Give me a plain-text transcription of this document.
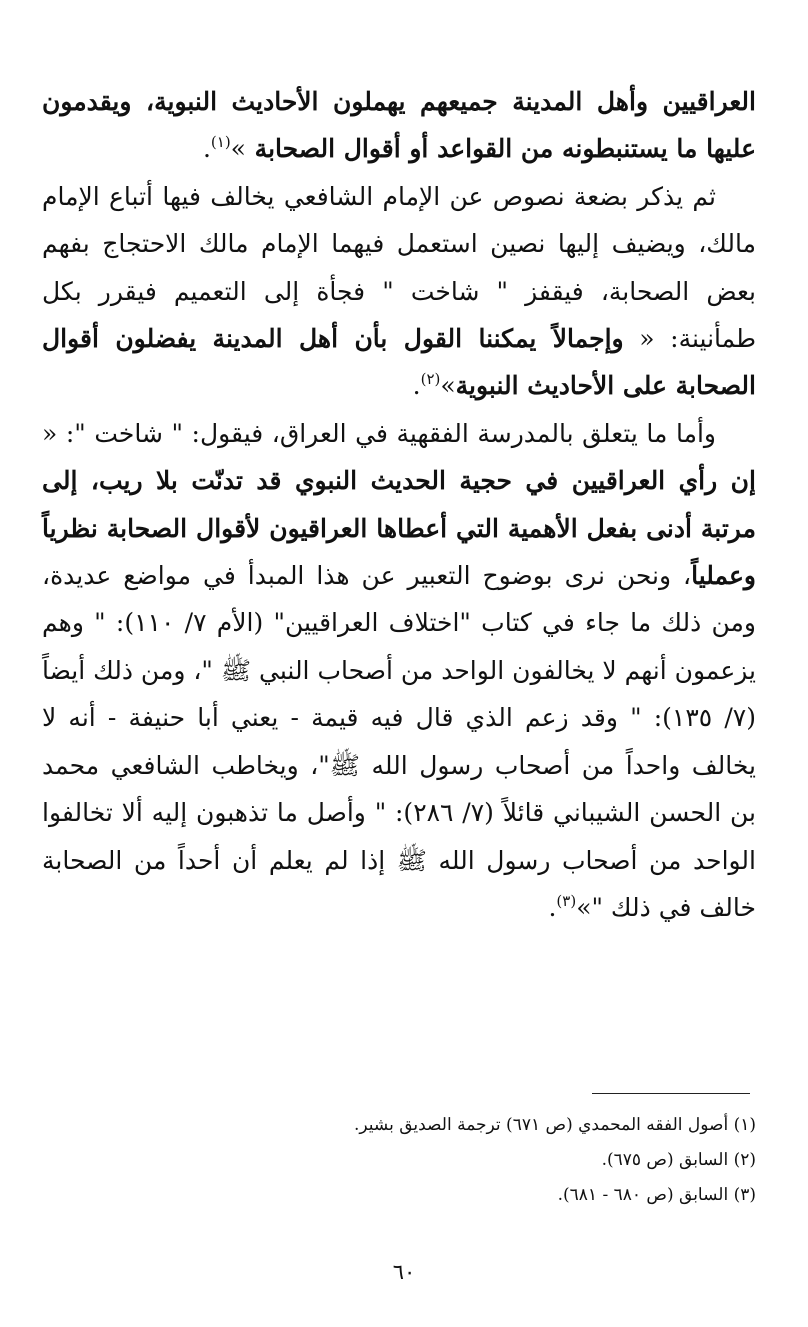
العراقيين وأهل المدينة جميعهم يهملون الأحاديث النبوية، ويقدمون عليها ما يستنبطونه من القواعد أو أقوال الصحابة »$^{(١)}$.

ثم يذكر بضعة نصوص عن الإمام الشافعي يخالف فيها أتباع الإمام مالك، ويضيف إليها نصين استعمل فيهما الإمام مالك الاحتجاج بفهم بعض الصحابة، فيقفز " شاخت " فجأة إلى التعميم فيقرر بكل طمأنينة: « وإجمالاً يمكننا القول بأن أهل المدينة يفضلون أقوال الصحابة على الأحاديث النبوية»$^{(٢)}$.

وأما ما يتعلق بالمدرسة الفقهية في العراق، فيقول: " شاخت ": « إن رأي العراقيين في حجية الحديث النبوي قد تدنّت بلا ريب، إلى مرتبة أدنى بفعل الأهمية التي أعطاها العراقيون لأقوال الصحابة نظرياً وعملياً، ونحن نرى بوضوح التعبير عن هذا المبدأ في مواضع عديدة، ومن ذلك ما جاء في كتاب "اختلاف العراقيين" (الأم ٧/ ١١٠): " وهم يزعمون أنهم لا يخالفون الواحد من أصحاب النبي ﷺ "، ومن ذلك أيضاً (٧/ ١٣٥): " وقد زعم الذي قال فيه قيمة - يعني أبا حنيفة - أنه لا يخالف واحداً من أصحاب رسول الله ﷺ"، ويخاطب الشافعي محمد بن الحسن الشيباني قائلاً (٧/ ٢٨٦): " وأصل ما تذهبون إليه ألا تخالفوا الواحد من أصحاب رسول الله ﷺ إذا لم يعلم أن أحداً من الصحابة خالف في ذلك "»$^{(٣)}$.

(١) أصول الفقه المحمدي (ص ٦٧١) ترجمة الصديق بشير.
(٢) السابق (ص ٦٧٥).
(٣) السابق (ص ٦٨٠ - ٦٨١).
٦٠
